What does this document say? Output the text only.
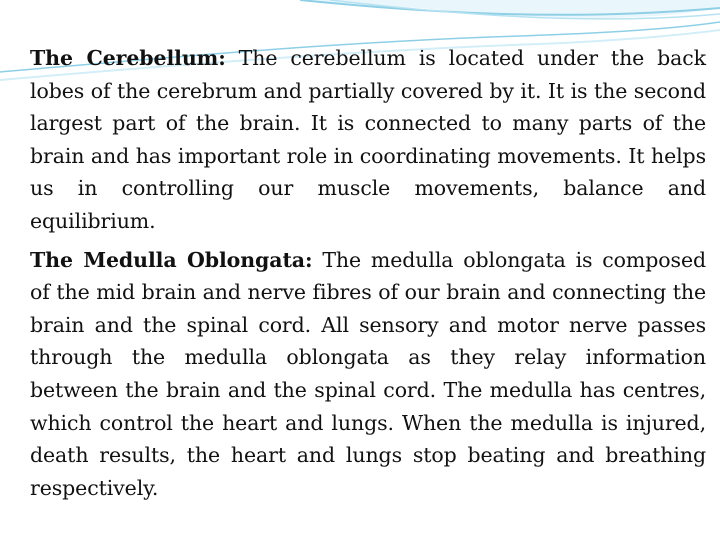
The Cerebellum: The cerebellum is located under the back lobes of the cerebrum and partially covered by it. It is the second largest part of the brain. It is connected to many parts of the brain and has important role in coordinating movements. It helps us in controlling our muscle movements, balance and equilibrium.

The Medulla Oblongata: The medulla oblongata is composed of the mid brain and nerve fibres of our brain and connecting the brain and the spinal cord. All sensory and motor nerve passes through the medulla oblongata as they relay information between the brain and the spinal cord. The medulla has centres, which control the heart and lungs. When the medulla is injured, death results, the heart and lungs stop beating and breathing respectively.
